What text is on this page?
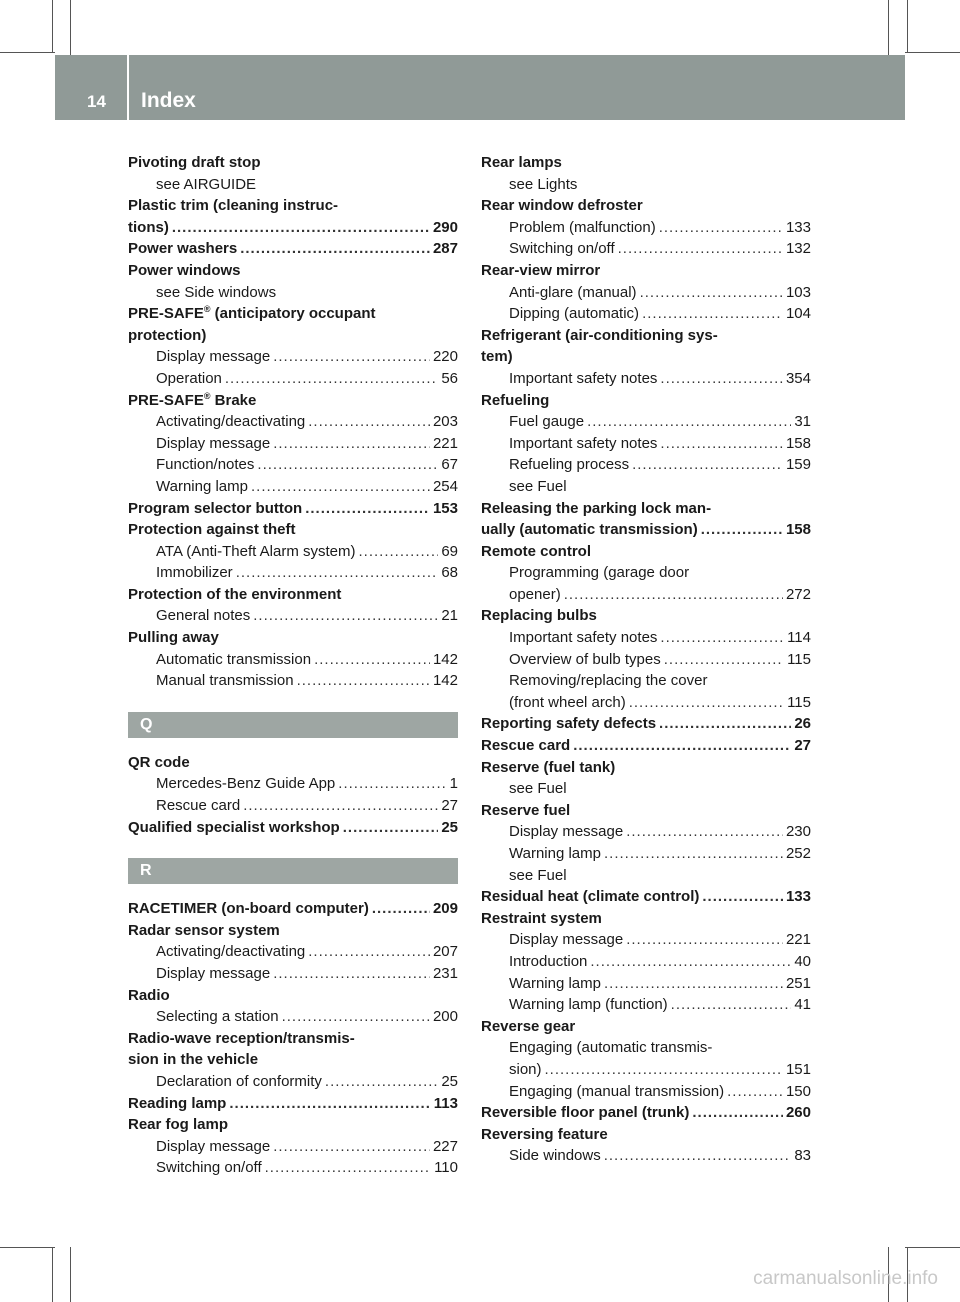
14 Index
Pivoting draft stop
see AIRGUIDE
Plastic trim (cleaning instruc-
tions) .....	290
Power washers .....	287
Power windows
see Side windows
PRE-SAFE® (anticipatory occupant
protection)
Display message .....	220
Operation .....	56
PRE-SAFE® Brake
Activating/deactivating .....	203
Display message .....	221
Function/notes .....	67
Warning lamp .....	254
Program selector button .....	153
Protection against theft
ATA (Anti-Theft Alarm system) .....	69
Immobilizer .....	68
Protection of the environment
General notes .....	21
Pulling away
Automatic transmission .....	142
Manual transmission .....	142
Q
QR code
Mercedes-Benz Guide App .....	1
Rescue card .....	27
Qualified specialist workshop .....	25
R
RACETIMER (on-board computer) .....	209
Radar sensor system
Activating/deactivating .....	207
Display message .....	231
Radio
Selecting a station .....	200
Radio-wave reception/transmis-
sion in the vehicle
Declaration of conformity .....	25
Reading lamp .....	113
Rear fog lamp
Display message .....	227
Switching on/off .....	110
Rear lamps
see Lights
Rear window defroster
Problem (malfunction) .....	133
Switching on/off .....	132
Rear-view mirror
Anti-glare (manual) .....	103
Dipping (automatic) .....	104
Refrigerant (air-conditioning sys-
tem)
Important safety notes .....	354
Refueling
Fuel gauge .....	31
Important safety notes .....	158
Refueling process .....	159
see Fuel
Releasing the parking lock man-
ually (automatic transmission) .....	158
Remote control
Programming (garage door
opener) .....	272
Replacing bulbs
Important safety notes .....	114
Overview of bulb types .....	115
Removing/replacing the cover
(front wheel arch) .....	115
Reporting safety defects .....	26
Rescue card .....	27
Reserve (fuel tank)
see Fuel
Reserve fuel
Display message .....	230
Warning lamp .....	252
see Fuel
Residual heat (climate control) .....	133
Restraint system
Display message .....	221
Introduction .....	40
Warning lamp .....	251
Warning lamp (function) .....	41
Reverse gear
Engaging (automatic transmis-
sion) .....	151
Engaging (manual transmission) .....	150
Reversible floor panel (trunk) .....	260
Reversing feature
Side windows .....	83
carmanualsonline.info
